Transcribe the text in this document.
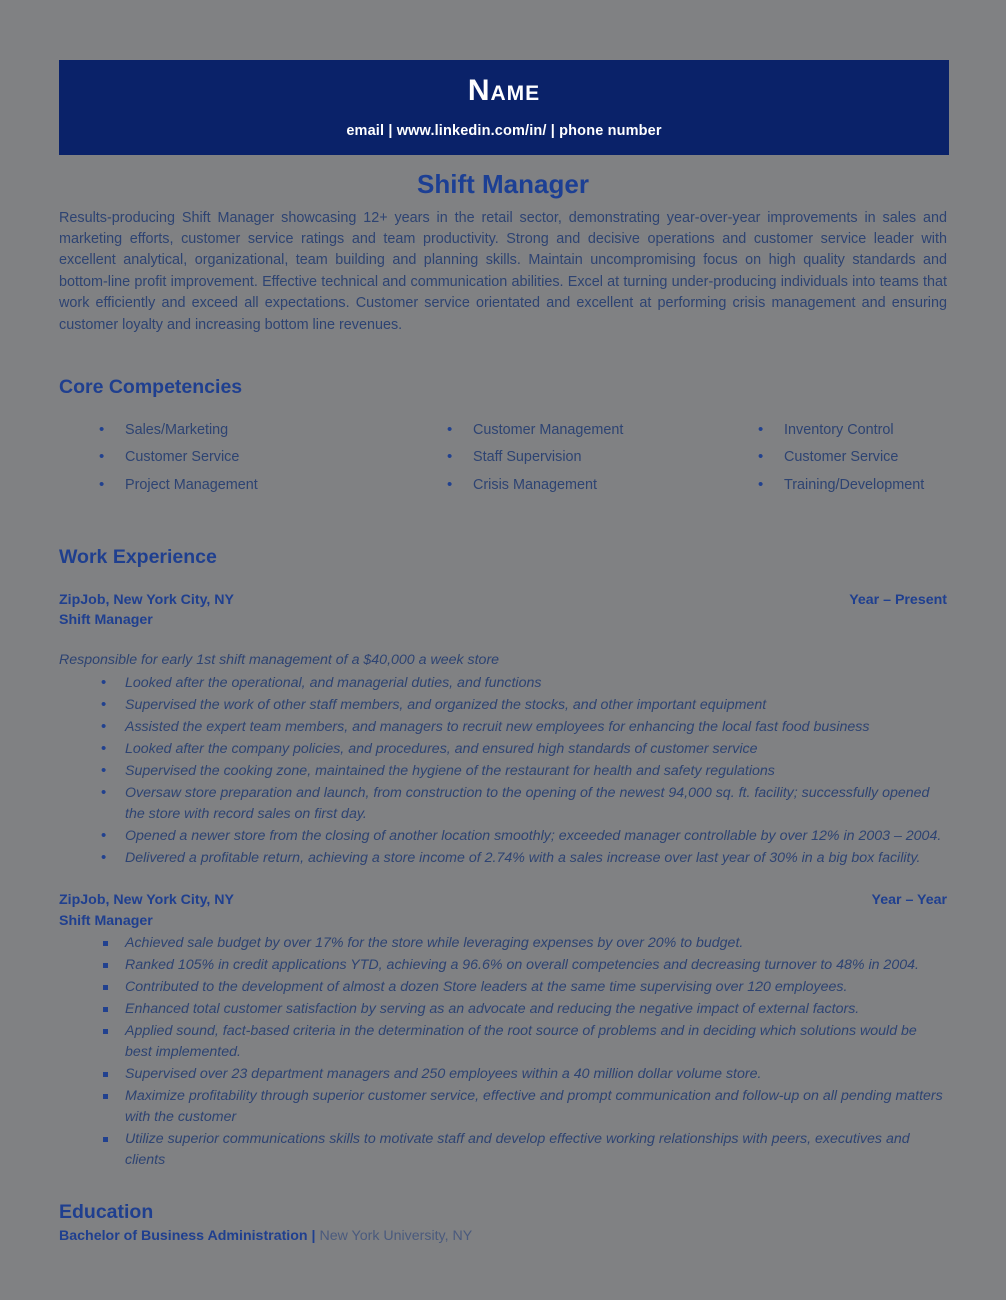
Name
email | www.linkedin.com/in/ | phone number
Shift Manager

Results-producing Shift Manager showcasing 12+ years in the retail sector, demonstrating year-over-year improvements in sales and marketing efforts, customer service ratings and team productivity. Strong and decisive operations and customer service leader with excellent analytical, organizational, team building and planning skills. Maintain uncompromising focus on high quality standards and bottom-line profit improvement. Effective technical and communication abilities. Excel at turning under-producing individuals into teams that work efficiently and exceed all expectations. Customer service orientated and excellent at performing crisis management and ensuring customer loyalty and increasing bottom line revenues.

Core Competencies
• Sales/Marketing
• Customer Service
• Project Management
• Customer Management
• Staff Supervision
• Crisis Management
• Inventory Control
• Customer Service
• Training/Development
Work Experience
ZipJob, New York City, NY	Year – Present
Shift Manager
Responsible for early 1st shift management of a $40,000 a week store
• Looked after the operational, and managerial duties, and functions
• Supervised the work of other staff members, and organized the stocks, and other important equipment
• Assisted the expert team members, and managers to recruit new employees for enhancing the local fast food business
• Looked after the company policies, and procedures, and ensured high standards of customer service
• Supervised the cooking zone, maintained the hygiene of the restaurant for health and safety regulations
• Oversaw store preparation and launch, from construction to the opening of the newest 94,000 sq. ft. facility; successfully opened the store with record sales on first day.
• Opened a newer store from the closing of another location smoothly; exceeded manager controllable by over 12% in 2003 – 2004.
• Delivered a profitable return, achieving a store income of 2.74% with a sales increase over last year of 30% in a big box facility.
ZipJob, New York City, NY	Year – Year
Shift Manager
Achieved sale budget by over 17% for the store while leveraging expenses by over 20% to budget.
Ranked 105% in credit applications YTD, achieving a 96.6% on overall competencies and decreasing turnover to 48% in 2004.
Contributed to the development of almost a dozen Store leaders at the same time supervising over 120 employees.
Enhanced total customer satisfaction by serving as an advocate and reducing the negative impact of external factors.
Applied sound, fact-based criteria in the determination of the root source of problems and in deciding which solutions would be best implemented.
Supervised over 23 department managers and 250 employees within a 40 million dollar volume store.
Maximize profitability through superior customer service, effective and prompt communication and follow-up on all pending matters with the customer
Utilize superior communications skills to motivate staff and develop effective working relationships with peers, executives and clients
Education
Bachelor of Business Administration | New York University, NY
